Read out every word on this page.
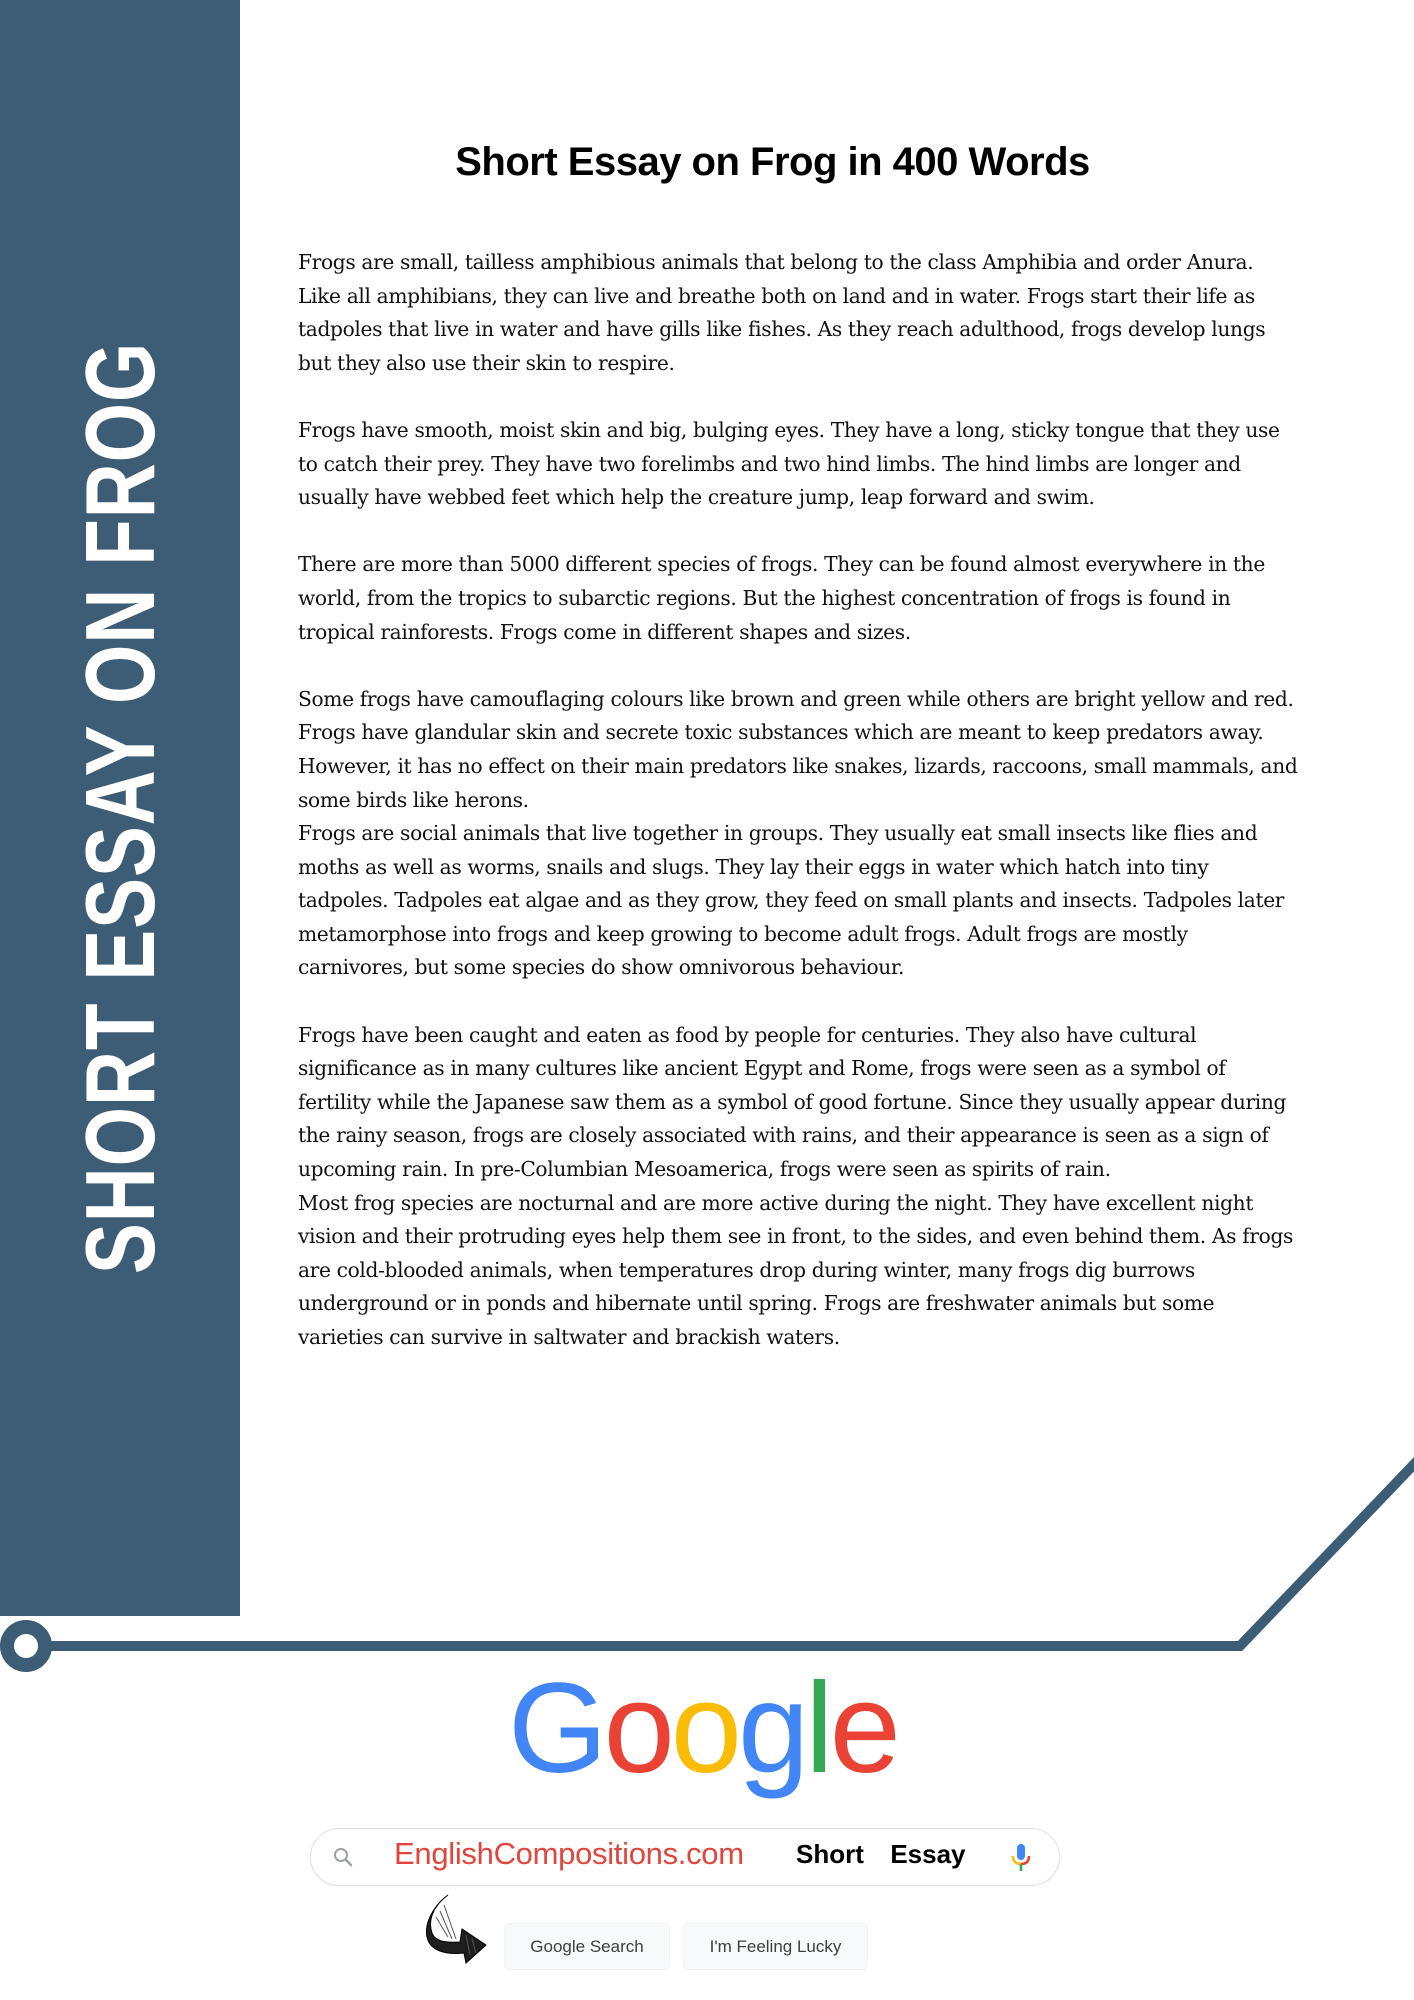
SHORT ESSAY ON FROG
Short Essay on Frog in 400 Words

Frogs are small, tailless amphibious animals that belong to the class Amphibia and order Anura. Like all amphibians, they can live and breathe both on land and in water. Frogs start their life as tadpoles that live in water and have gills like fishes. As they reach adulthood, frogs develop lungs but they also use their skin to respire.

Frogs have smooth, moist skin and big, bulging eyes. They have a long, sticky tongue that they use to catch their prey. They have two forelimbs and two hind limbs. The hind limbs are longer and usually have webbed feet which help the creature jump, leap forward and swim.

There are more than 5000 different species of frogs. They can be found almost everywhere in the world, from the tropics to subarctic regions. But the highest concentration of frogs is found in tropical rainforests. Frogs come in different shapes and sizes.

Some frogs have camouflaging colours like brown and green while others are bright yellow and red. Frogs have glandular skin and secrete toxic substances which are meant to keep predators away. However, it has no effect on their main predators like snakes, lizards, raccoons, small mammals, and some birds like herons.

Frogs are social animals that live together in groups. They usually eat small insects like flies and moths as well as worms, snails and slugs. They lay their eggs in water which hatch into tiny tadpoles. Tadpoles eat algae and as they grow, they feed on small plants and insects. Tadpoles later metamorphose into frogs and keep growing to become adult frogs. Adult frogs are mostly carnivores, but some species do show omnivorous behaviour.

Frogs have been caught and eaten as food by people for centuries. They also have cultural significance as in many cultures like ancient Egypt and Rome, frogs were seen as a symbol of fertility while the Japanese saw them as a symbol of good fortune. Since they usually appear during the rainy season, frogs are closely associated with rains, and their appearance is seen as a sign of upcoming rain. In pre-Columbian Mesoamerica, frogs were seen as spirits of rain.

Most frog species are nocturnal and are more active during the night. They have excellent night vision and their protruding eyes help them see in front, to the sides, and even behind them. As frogs are cold-blooded animals, when temperatures drop during winter, many frogs dig burrows underground or in ponds and hibernate until spring. Frogs are freshwater animals but some varieties can survive in saltwater and brackish waters.

Google
EnglishCompositions.com Short  Essay
Google Search	I'm Feeling Lucky
